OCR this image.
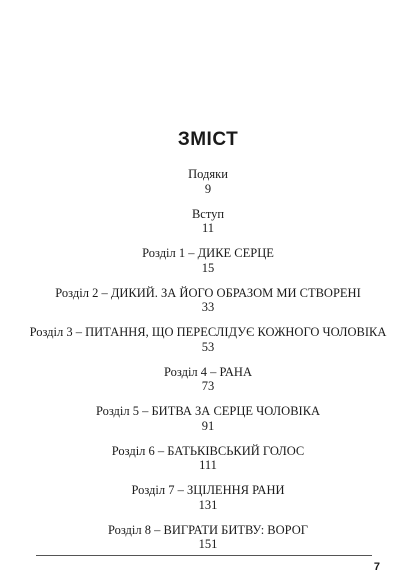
ЗМІСТ
Подяки
9
Вступ
11
Розділ 1 – ДИКЕ СЕРЦЕ
15
Розділ 2 – ДИКИЙ. ЗА ЙОГО ОБРАЗОМ МИ СТВОРЕНІ
33
Розділ 3 – ПИТАННЯ, ЩО ПЕРЕСЛІДУЄ КОЖНОГО ЧОЛОВІКА
53
Розділ 4 – РАНА
73
Розділ 5 – БИТВА ЗА СЕРЦЕ ЧОЛОВІКА
91
Розділ 6 – БАТЬКІВСЬКИЙ ГОЛОС
111
Розділ 7 – ЗЦІЛЕННЯ РАНИ
131
Розділ 8 – ВИГРАТИ БИТВУ: ВОРОГ
151
7
